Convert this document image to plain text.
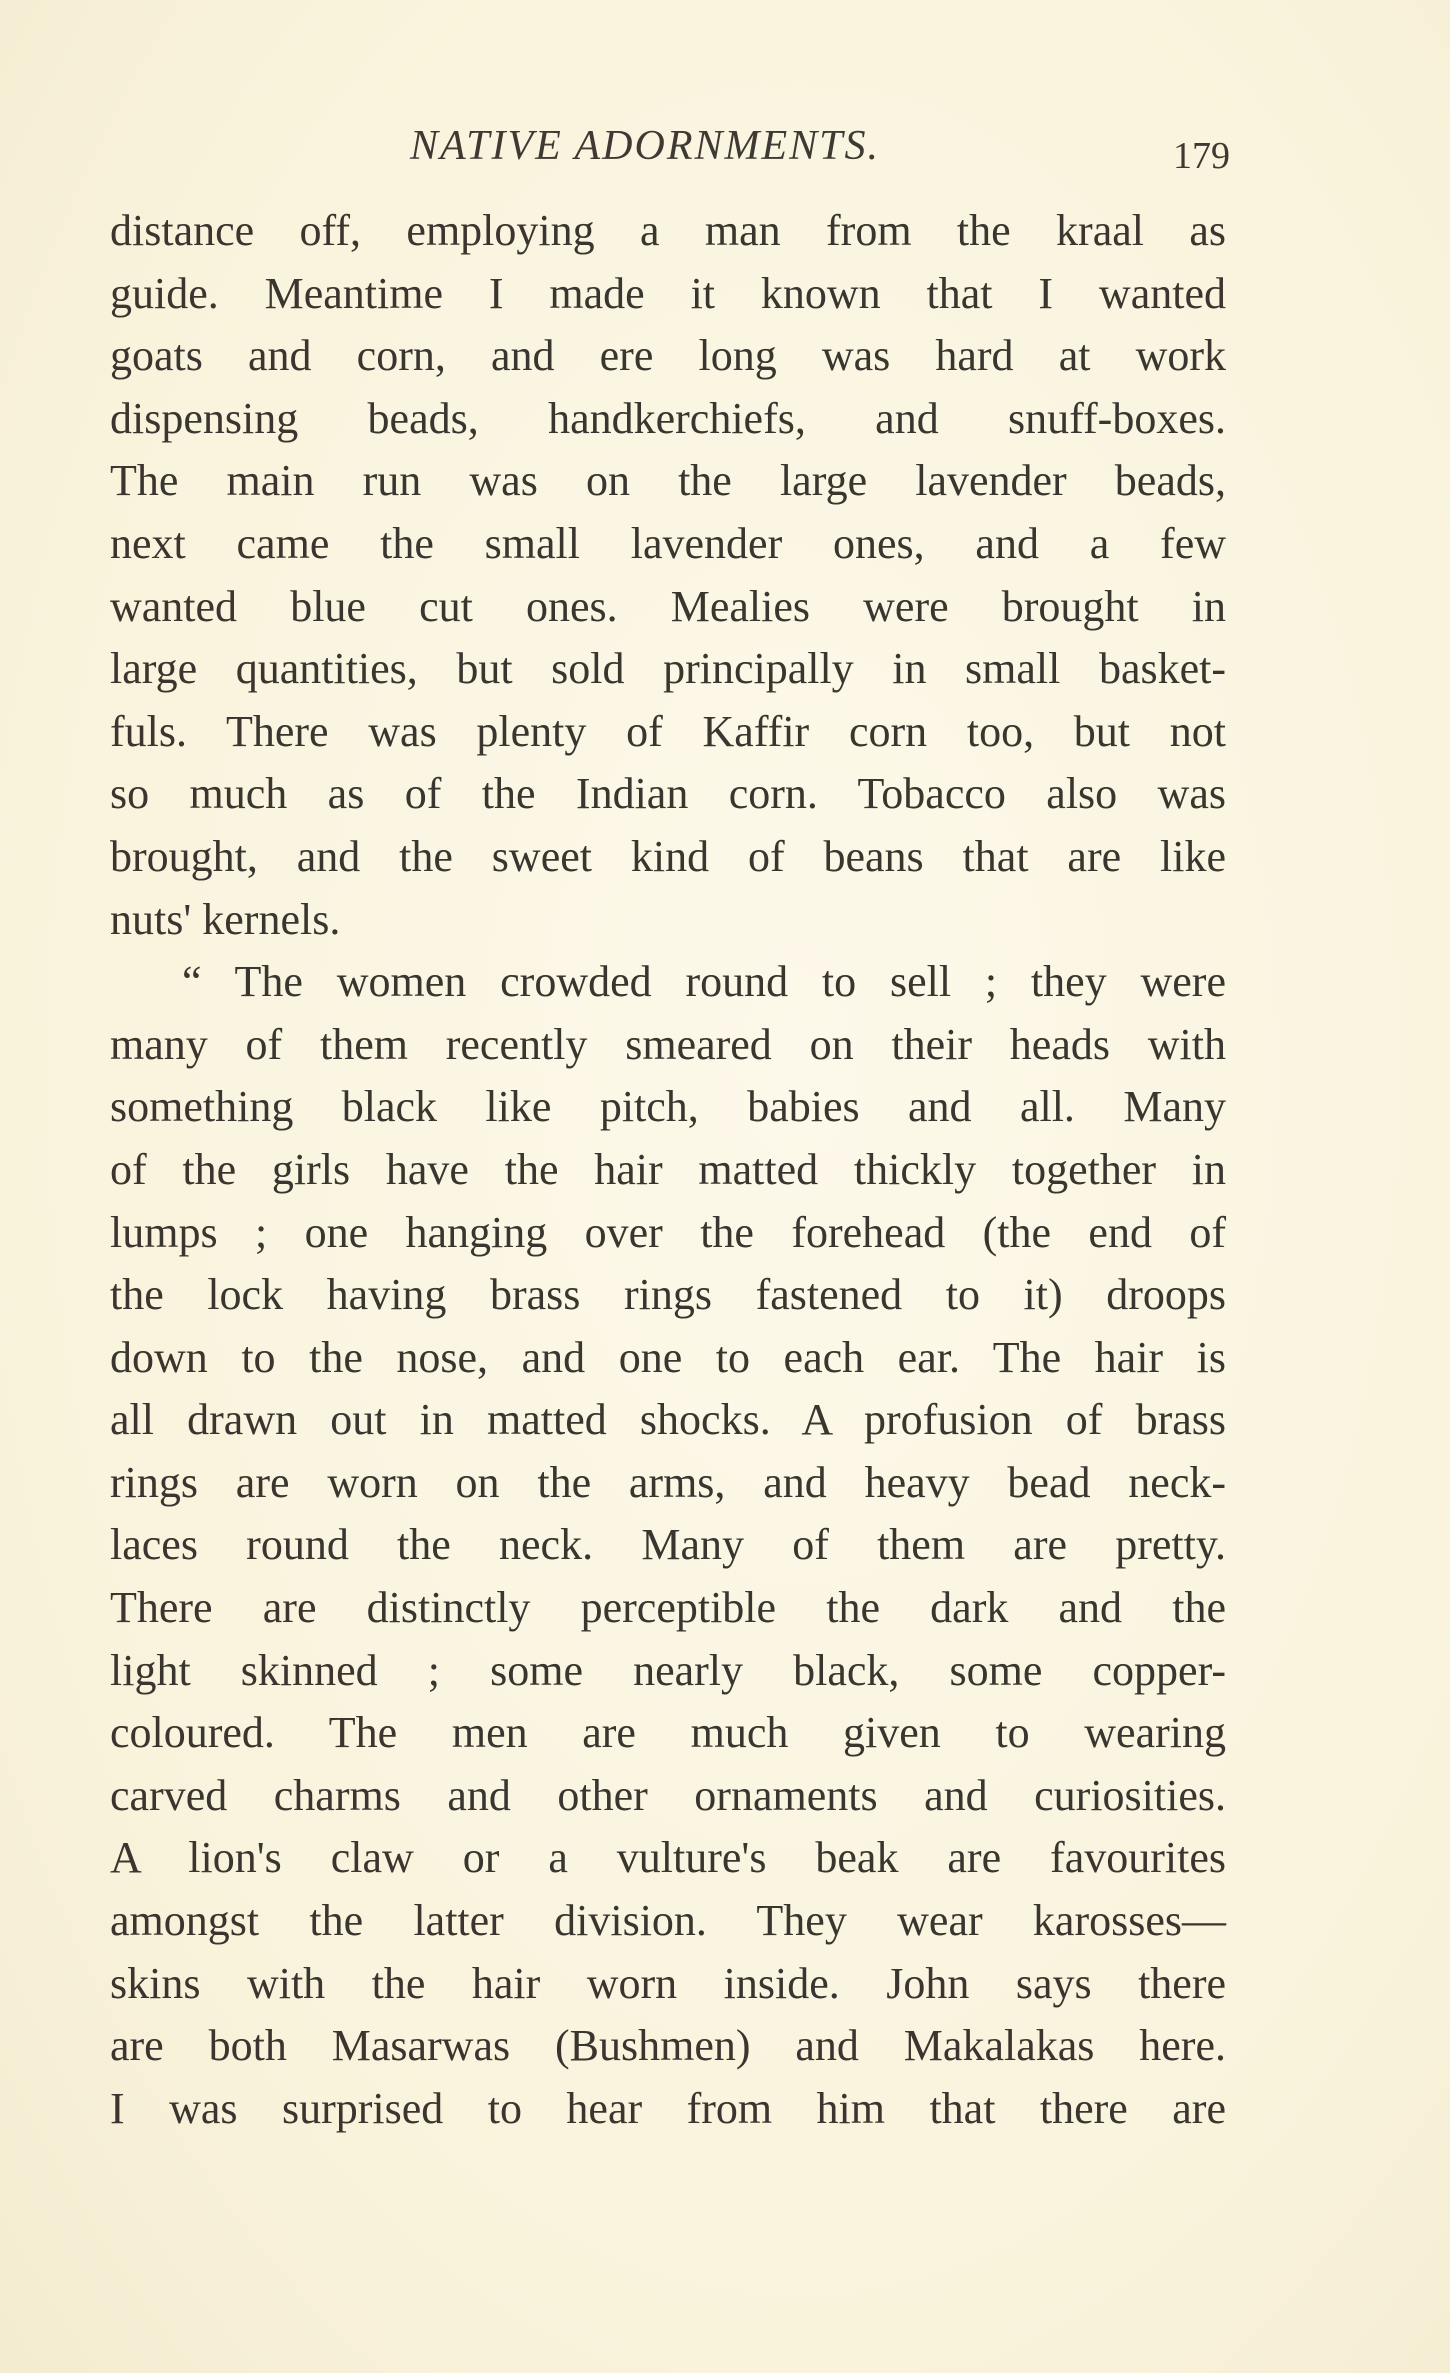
NATIVE ADORNMENTS.	179
distance off, employing a man from the kraal as
guide. Meantime I made it known that I wanted
goats and corn, and ere long was hard at work
dispensing beads, handkerchiefs, and snuff-boxes.
The main run was on the large lavender beads,
next came the small lavender ones, and a few
wanted blue cut ones. Mealies were brought in
large quantities, but sold principally in small basket-
fuls. There was plenty of Kaffir corn too, but not
so much as of the Indian corn. Tobacco also was
brought, and the sweet kind of beans that are like
nuts' kernels.
“ The women crowded round to sell ; they were
many of them recently smeared on their heads with
something black like pitch, babies and all. Many
of the girls have the hair matted thickly together in
lumps ; one hanging over the forehead (the end of
the lock having brass rings fastened to it) droops
down to the nose, and one to each ear. The hair is
all drawn out in matted shocks. A profusion of brass
rings are worn on the arms, and heavy bead neck-
laces round the neck. Many of them are pretty.
There are distinctly perceptible the dark and the
light skinned ; some nearly black, some copper-
coloured. The men are much given to wearing
carved charms and other ornaments and curiosities.
A lion's claw or a vulture's beak are favourites
amongst the latter division. They wear karosses—
skins with the hair worn inside. John says there
are both Masarwas (Bushmen) and Makalakas here.
I was surprised to hear from him that there are
